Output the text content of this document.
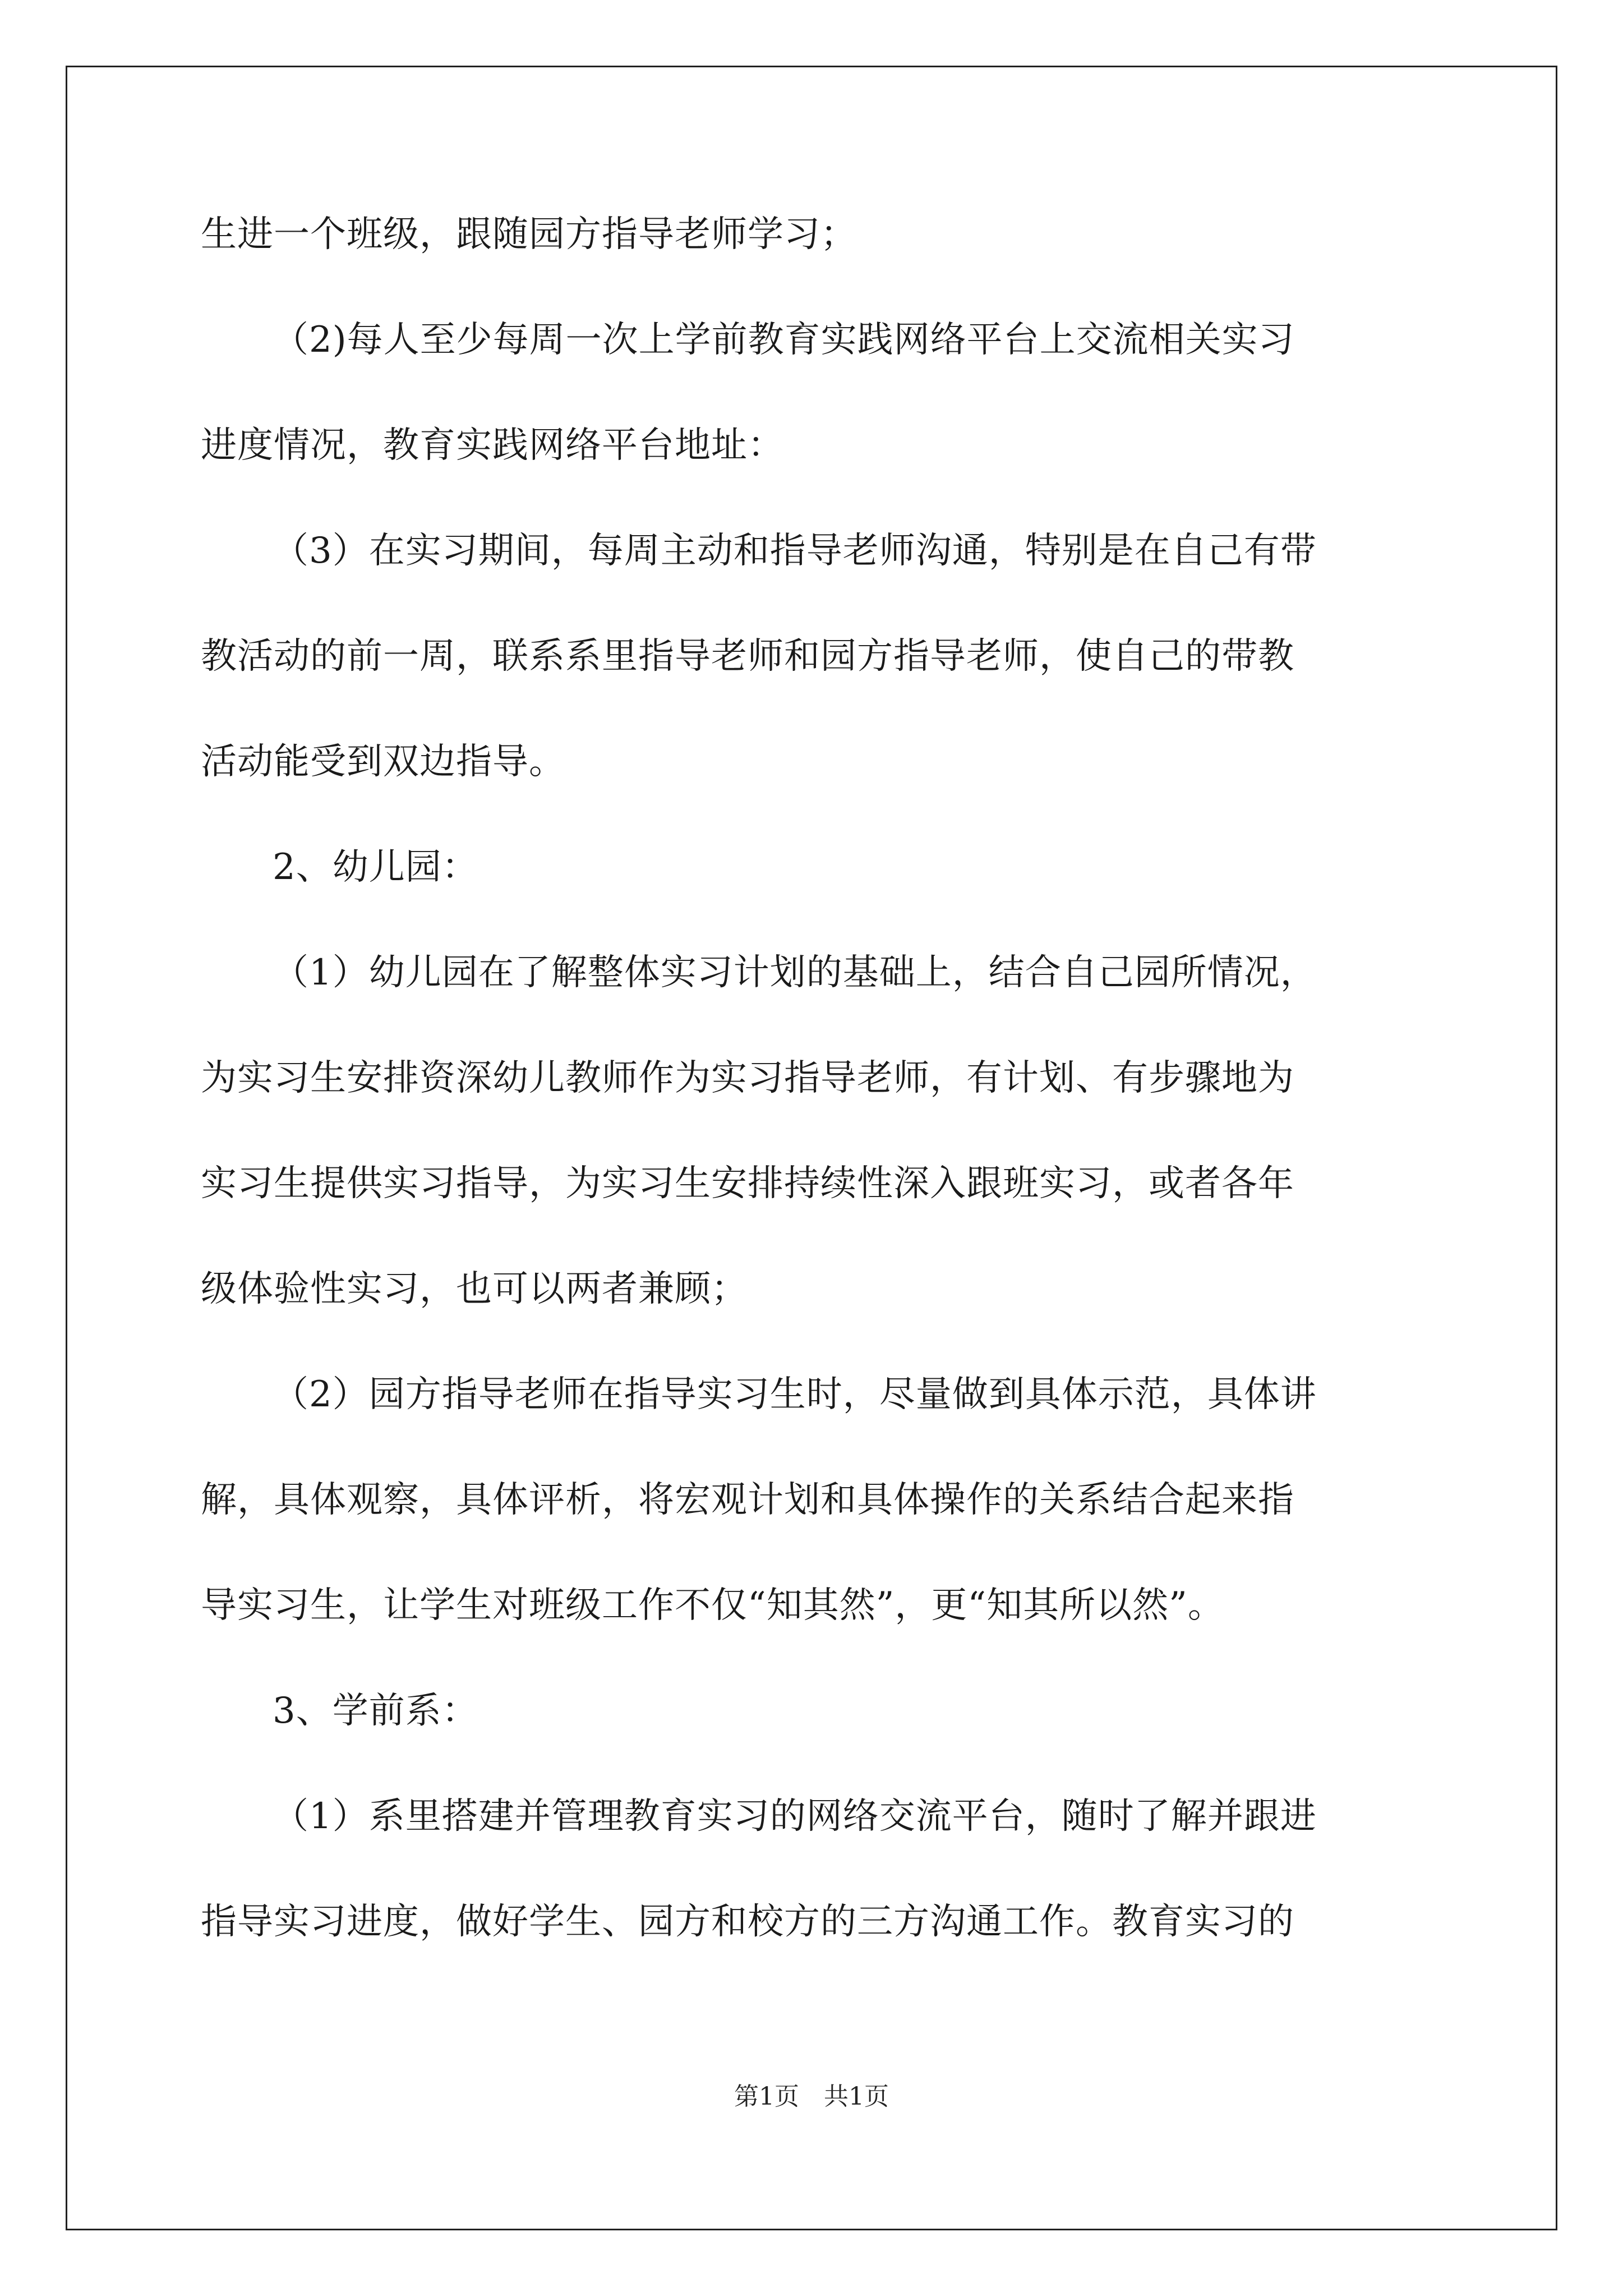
生进一个班级，跟随园方指导老师学习；
（2)每人至少每周一次上学前教育实践网络平台上交流相关实习
进度情况，教育实践网络平台地址：
（3）在实习期间，每周主动和指导老师沟通，特别是在自己有带
教活动的前一周，联系系里指导老师和园方指导老师，使自己的带教
活动能受到双边指导。
2、幼儿园：
（1）幼儿园在了解整体实习计划的基础上，结合自己园所情况，
为实习生安排资深幼儿教师作为实习指导老师，有计划、有步骤地为
实习生提供实习指导，为实习生安排持续性深入跟班实习，或者各年
级体验性实习，也可以两者兼顾；
（2）园方指导老师在指导实习生时，尽量做到具体示范，具体讲
解，具体观察，具体评析，将宏观计划和具体操作的关系结合起来指
导实习生，让学生对班级工作不仅“知其然”，更“知其所以然”。
3、学前系：
（1）系里搭建并管理教育实习的网络交流平台，随时了解并跟进
指导实习进度，做好学生、园方和校方的三方沟通工作。教育实习的
第1页　共1页
